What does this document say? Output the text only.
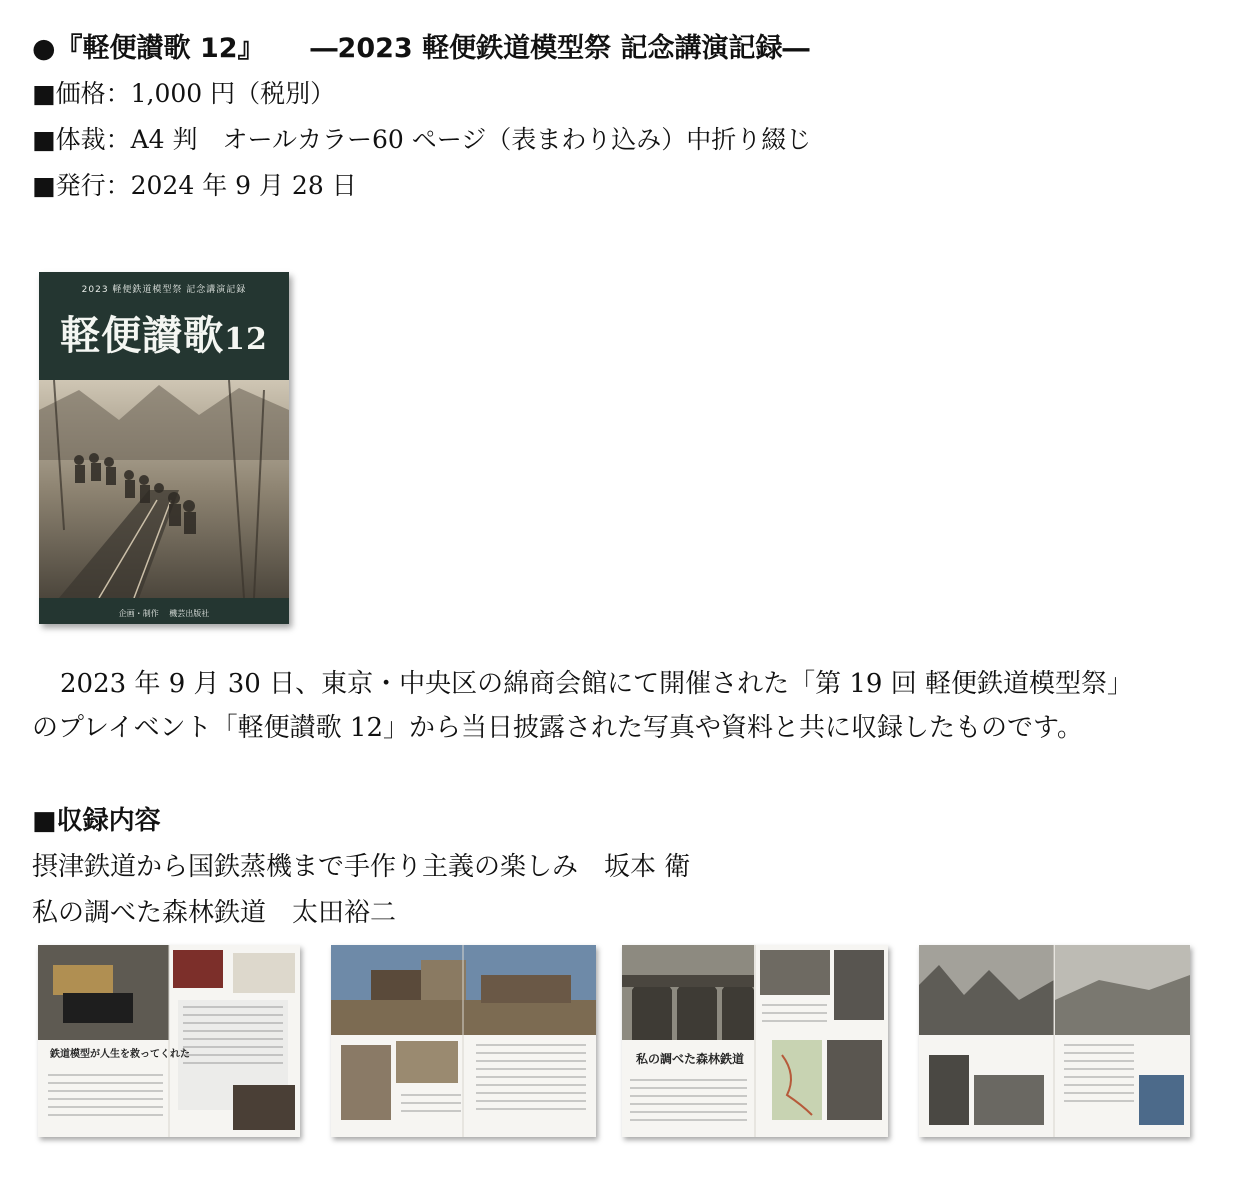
●『軽便讃歌 12』 ―2023 軽便鉄道模型祭 記念講演記録―
■価格：1,000 円（税別）
■体裁：A4 判　オールカラー60 ページ（表まわり込み）中折り綴じ
■発行：2024 年 9 月 28 日
2023 軽便鉄道模型祭 記念講演記録
軽便讃歌12
企画・制作　 機芸出版社
2023 年 9 月 30 日、東京・中央区の綿商会館にて開催された「第 19 回 軽便鉄道模型祭」
のプレイベント「軽便讃歌 12」から当日披露された写真や資料と共に収録したものです。
■収録内容
摂津鉄道から国鉄蒸機まで手作り主義の楽しみ　坂本 衛
私の調べた森林鉄道　太田裕二
鉄道模型が人生を救ってくれた	私の調べた森林鉄道
